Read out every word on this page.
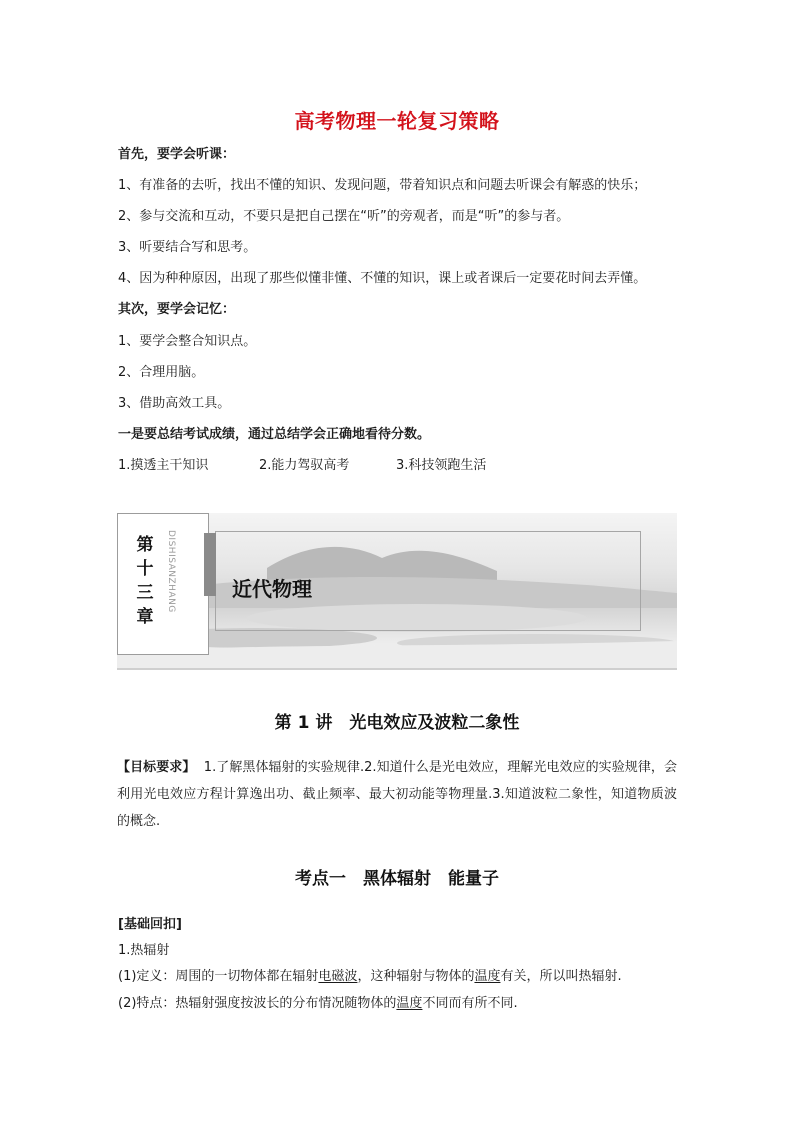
高考物理一轮复习策略
首先，要学会听课：
1、有准备的去听，找出不懂的知识、发现问题，带着知识点和问题去听课会有解惑的快乐；
2、参与交流和互动，不要只是把自己摆在“听”的旁观者，而是“听”的参与者。
3、听要结合写和思考。
4、因为种种原因，出现了那些似懂非懂、不懂的知识，课上或者课后一定要花时间去弄懂。
其次，要学会记忆：
1、要学会整合知识点。
2、合理用脑。
3、借助高效工具。
一是要总结考试成绩，通过总结学会正确地看待分数。
1.摸透主干知识	2.能力驾驭高考	3.科技领跑生活
第
十
三
章
DISHISANZHANG	近代物理
第 1 讲　光电效应及波粒二象性
【目标要求】 1.了解黑体辐射的实验规律.2.知道什么是光电效应，理解光电效应的实验规律，会利用光电效应方程计算逸出功、截止频率、最大初动能等物理量.3.知道波粒二象性，知道物质波的概念.
考点一　黑体辐射　能量子
[基础回扣]
1.热辐射
(1)定义：周围的一切物体都在辐射电磁波，这种辐射与物体的温度有关，所以叫热辐射.
(2)特点：热辐射强度按波长的分布情况随物体的温度不同而有所不同.
